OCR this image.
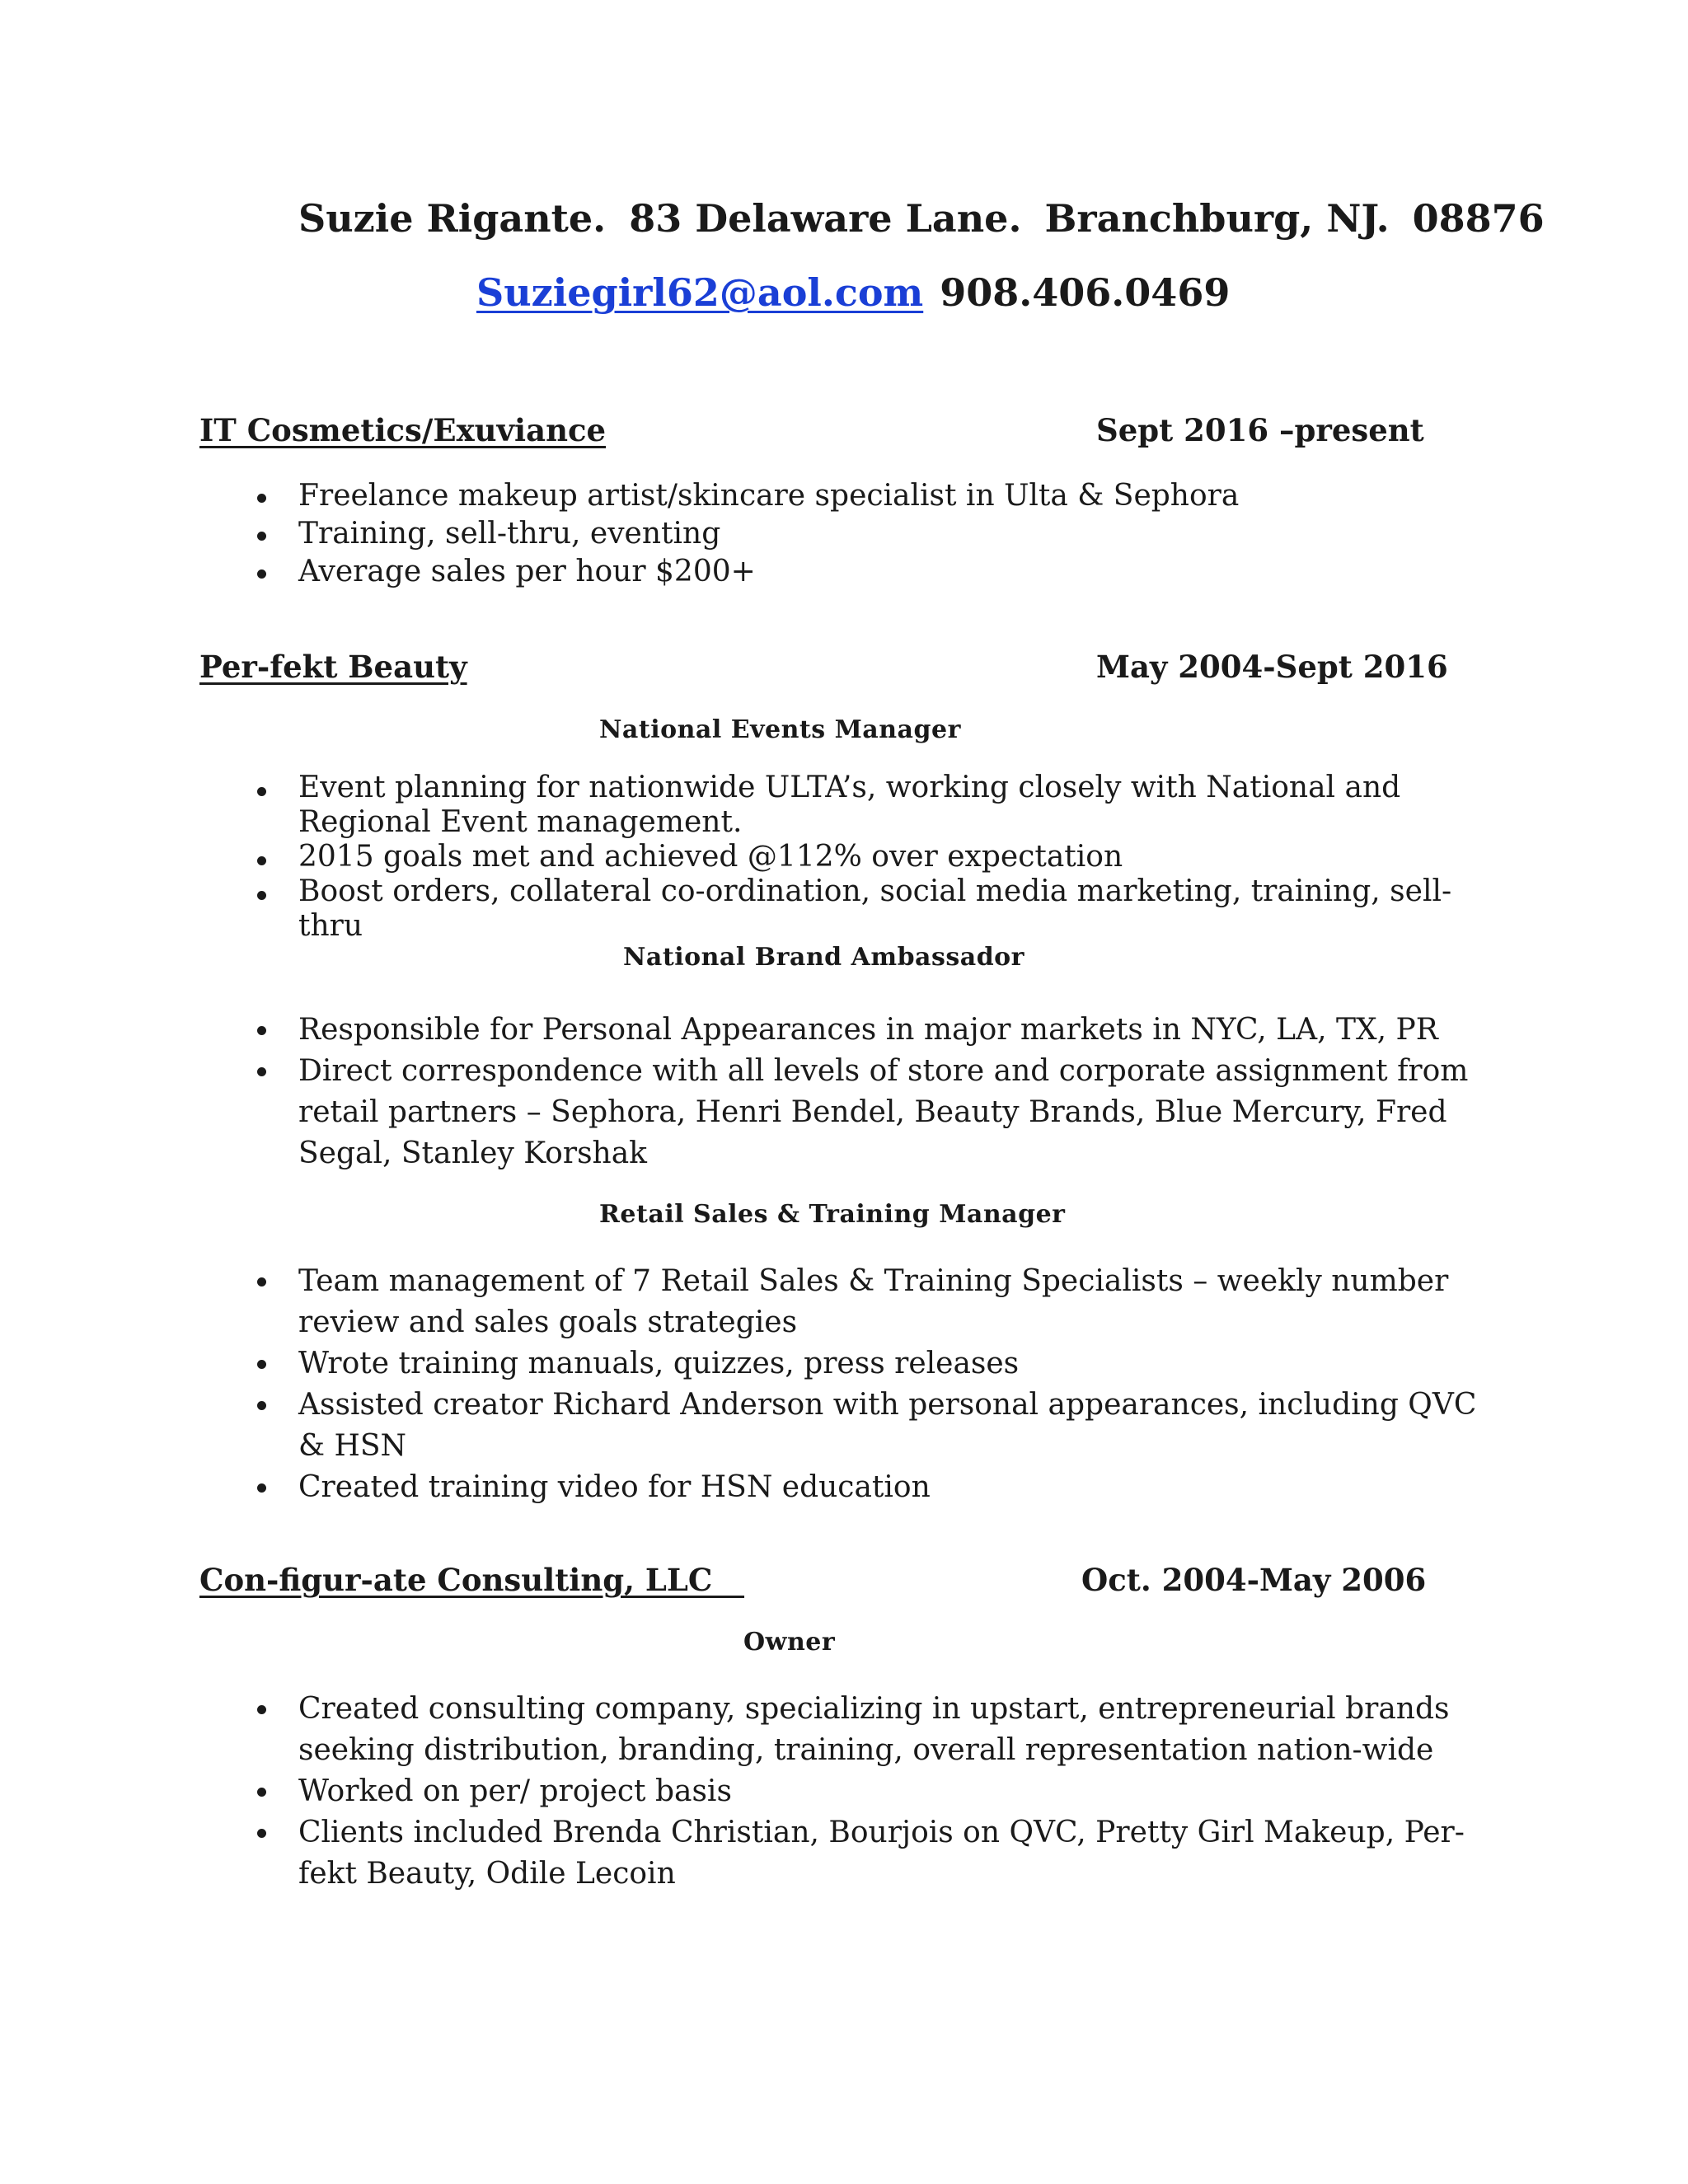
Suzie Rigante. 83 Delaware Lane. Branchburg, NJ. 08876
Suziegirl62@aol.com 908.406.0469
IT Cosmetics/Exuviance	Sept 2016 –present
Freelance makeup artist/skincare specialist in Ulta & Sephora
Training, sell-thru, eventing
Average sales per hour $200+
Per-fekt Beauty	May 2004-Sept 2016
National Events Manager
Event planning for nationwide ULTA’s, working closely with National and Regional Event management.
2015 goals met and achieved @112% over expectation
Boost orders, collateral co-ordination, social media marketing, training, sell-thru
National Brand Ambassador
Responsible for Personal Appearances in major markets in NYC, LA, TX, PR
Direct correspondence with all levels of store and corporate assignment from retail partners – Sephora, Henri Bendel, Beauty Brands, Blue Mercury, Fred Segal, Stanley Korshak
Retail Sales & Training Manager
Team management of 7 Retail Sales & Training Specialists – weekly number review and sales goals strategies
Wrote training manuals, quizzes, press releases
Assisted creator Richard Anderson with personal appearances, including QVC & HSN
Created training video for HSN education
Con-figur-ate Consulting, LLC	Oct. 2004-May 2006
Owner
Created consulting company, specializing in upstart, entrepreneurial brands seeking distribution, branding, training, overall representation nation-wide
Worked on per/ project basis
Clients included Brenda Christian, Bourjois on QVC, Pretty Girl Makeup, Per-fekt Beauty, Odile Lecoin
